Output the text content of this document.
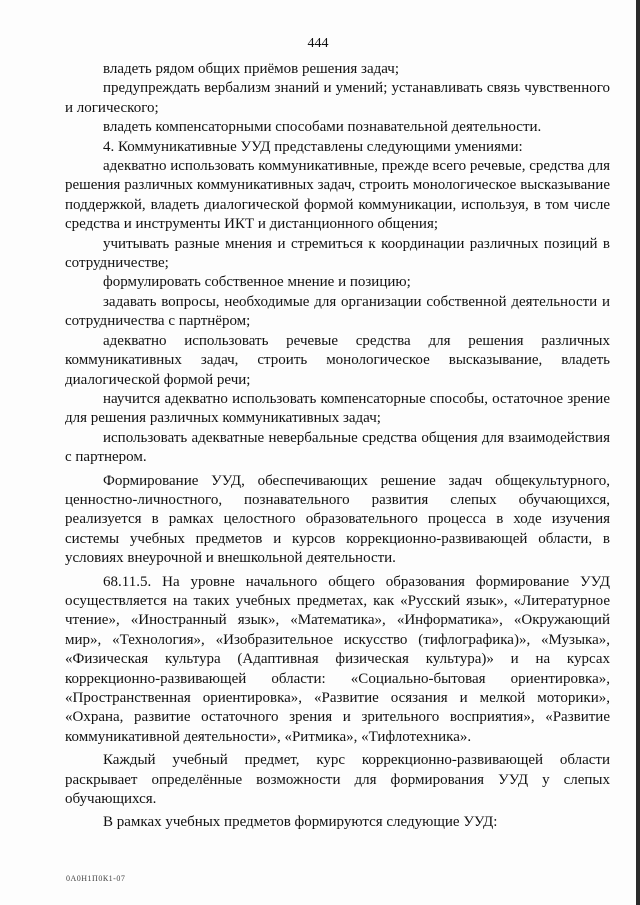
444

владеть рядом общих приёмов решения задач;

предупреждать вербализм знаний и умений; устанавливать связь чувственного и логического;

владеть компенсаторными способами познавательной деятельности.

4. Коммуникативные УУД представлены следующими умениями:

адекватно использовать коммуникативные, прежде всего речевые, средства для решения различных коммуникативных задач, строить монологическое высказывание поддержкой, владеть диалогической формой коммуникации, используя, в том числе средства и инструменты ИКТ и дистанционного общения;

учитывать разные мнения и стремиться к координации различных позиций в сотрудничестве;

формулировать собственное мнение и позицию;

задавать вопросы, необходимые для организации собственной деятельности и сотрудничества с партнёром;

адекватно использовать речевые средства для решения различных коммуникативных задач, строить монологическое высказывание, владеть диалогической формой речи;

научится адекватно использовать компенсаторные способы, остаточное зрение для решения различных коммуникативных задач;

использовать адекватные невербальные средства общения для взаимодействия с партнером.

Формирование УУД, обеспечивающих решение задач общекультурного, ценностно-личностного, познавательного развития слепых обучающихся, реализуется в рамках целостного образовательного процесса в ходе изучения системы учебных предметов и курсов коррекционно-развивающей области, в условиях внеурочной и внешкольной деятельности.

68.11.5. На уровне начального общего образования формирование УУД осуществляется на таких учебных предметах, как «Русский язык», «Литературное чтение», «Иностранный язык», «Математика», «Информатика», «Окружающий мир», «Технология», «Изобразительное искусство (тифлографика)», «Музыка», «Физическая культура (Адаптивная физическая культура)» и на курсах коррекционно-развивающей области: «Социально-бытовая ориентировка», «Пространственная ориентировка», «Развитие осязания и мелкой моторики», «Охрана, развитие остаточного зрения и зрительного восприятия», «Развитие коммуникативной деятельности», «Ритмика», «Тифлотехника».

Каждый учебный предмет, курс коррекционно-развивающей области раскрывает определённые возможности для формирования УУД у слепых обучающихся.

В рамках учебных предметов формируются следующие УУД:

0А0Н1П0К1-07
